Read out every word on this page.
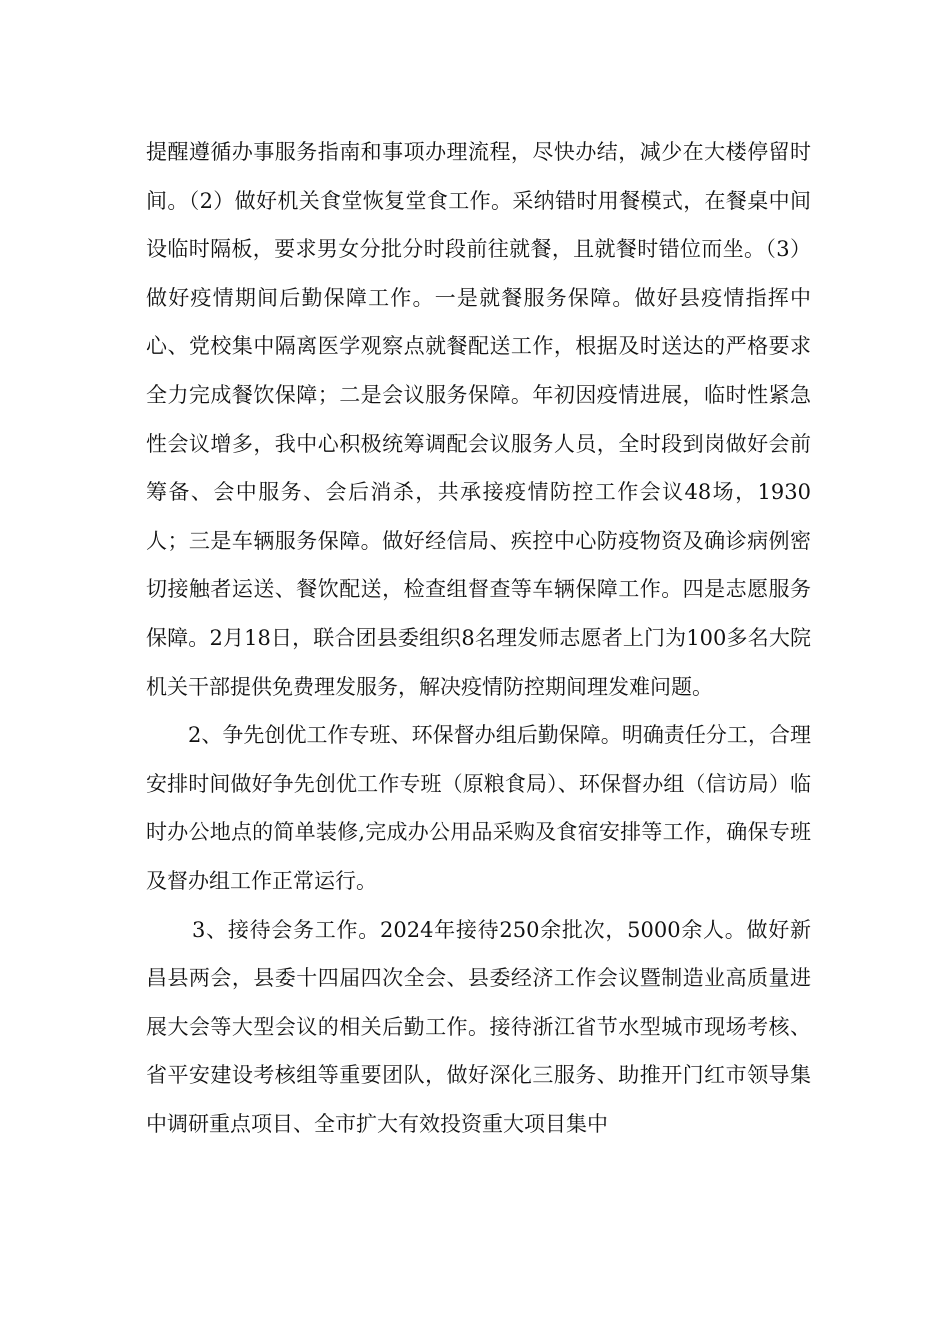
提醒遵循办事服务指南和事项办理流程，尽快办结，减少在大楼停留时间。（2）做好机关食堂恢复堂食工作。采纳错时用餐模式，在餐桌中间设临时隔板，要求男女分批分时段前往就餐，且就餐时错位而坐。（3）做好疫情期间后勤保障工作。一是就餐服务保障。做好县疫情指挥中心、党校集中隔离医学观察点就餐配送工作，根据及时送达的严格要求全力完成餐饮保障；二是会议服务保障。年初因疫情进展，临时性紧急性会议增多，我中心积极统筹调配会议服务人员，全时段到岗做好会前筹备、会中服务、会后消杀，共承接疫情防控工作会议48场，1930人；三是车辆服务保障。做好经信局、疾控中心防疫物资及确诊病例密切接触者运送、餐饮配送，检查组督查等车辆保障工作。四是志愿服务保障。2月18日，联合团县委组织8名理发师志愿者上门为100多名大院机关干部提供免费理发服务，解决疫情防控期间理发难问题。

2、争先创优工作专班、环保督办组后勤保障。明确责任分工，合理安排时间做好争先创优工作专班（原粮食局）、环保督办组（信访局）临时办公地点的简单装修,完成办公用品采购及食宿安排等工作，确保专班及督办组工作正常运行。

3、接待会务工作。2024年接待250余批次，5000余人。做好新昌县两会，县委十四届四次全会、县委经济工作会议暨制造业高质量进展大会等大型会议的相关后勤工作。接待浙江省节水型城市现场考核、省平安建设考核组等重要团队，做好深化三服务、助推开门红市领导集中调研重点项目、全市扩大有效投资重大项目集中
